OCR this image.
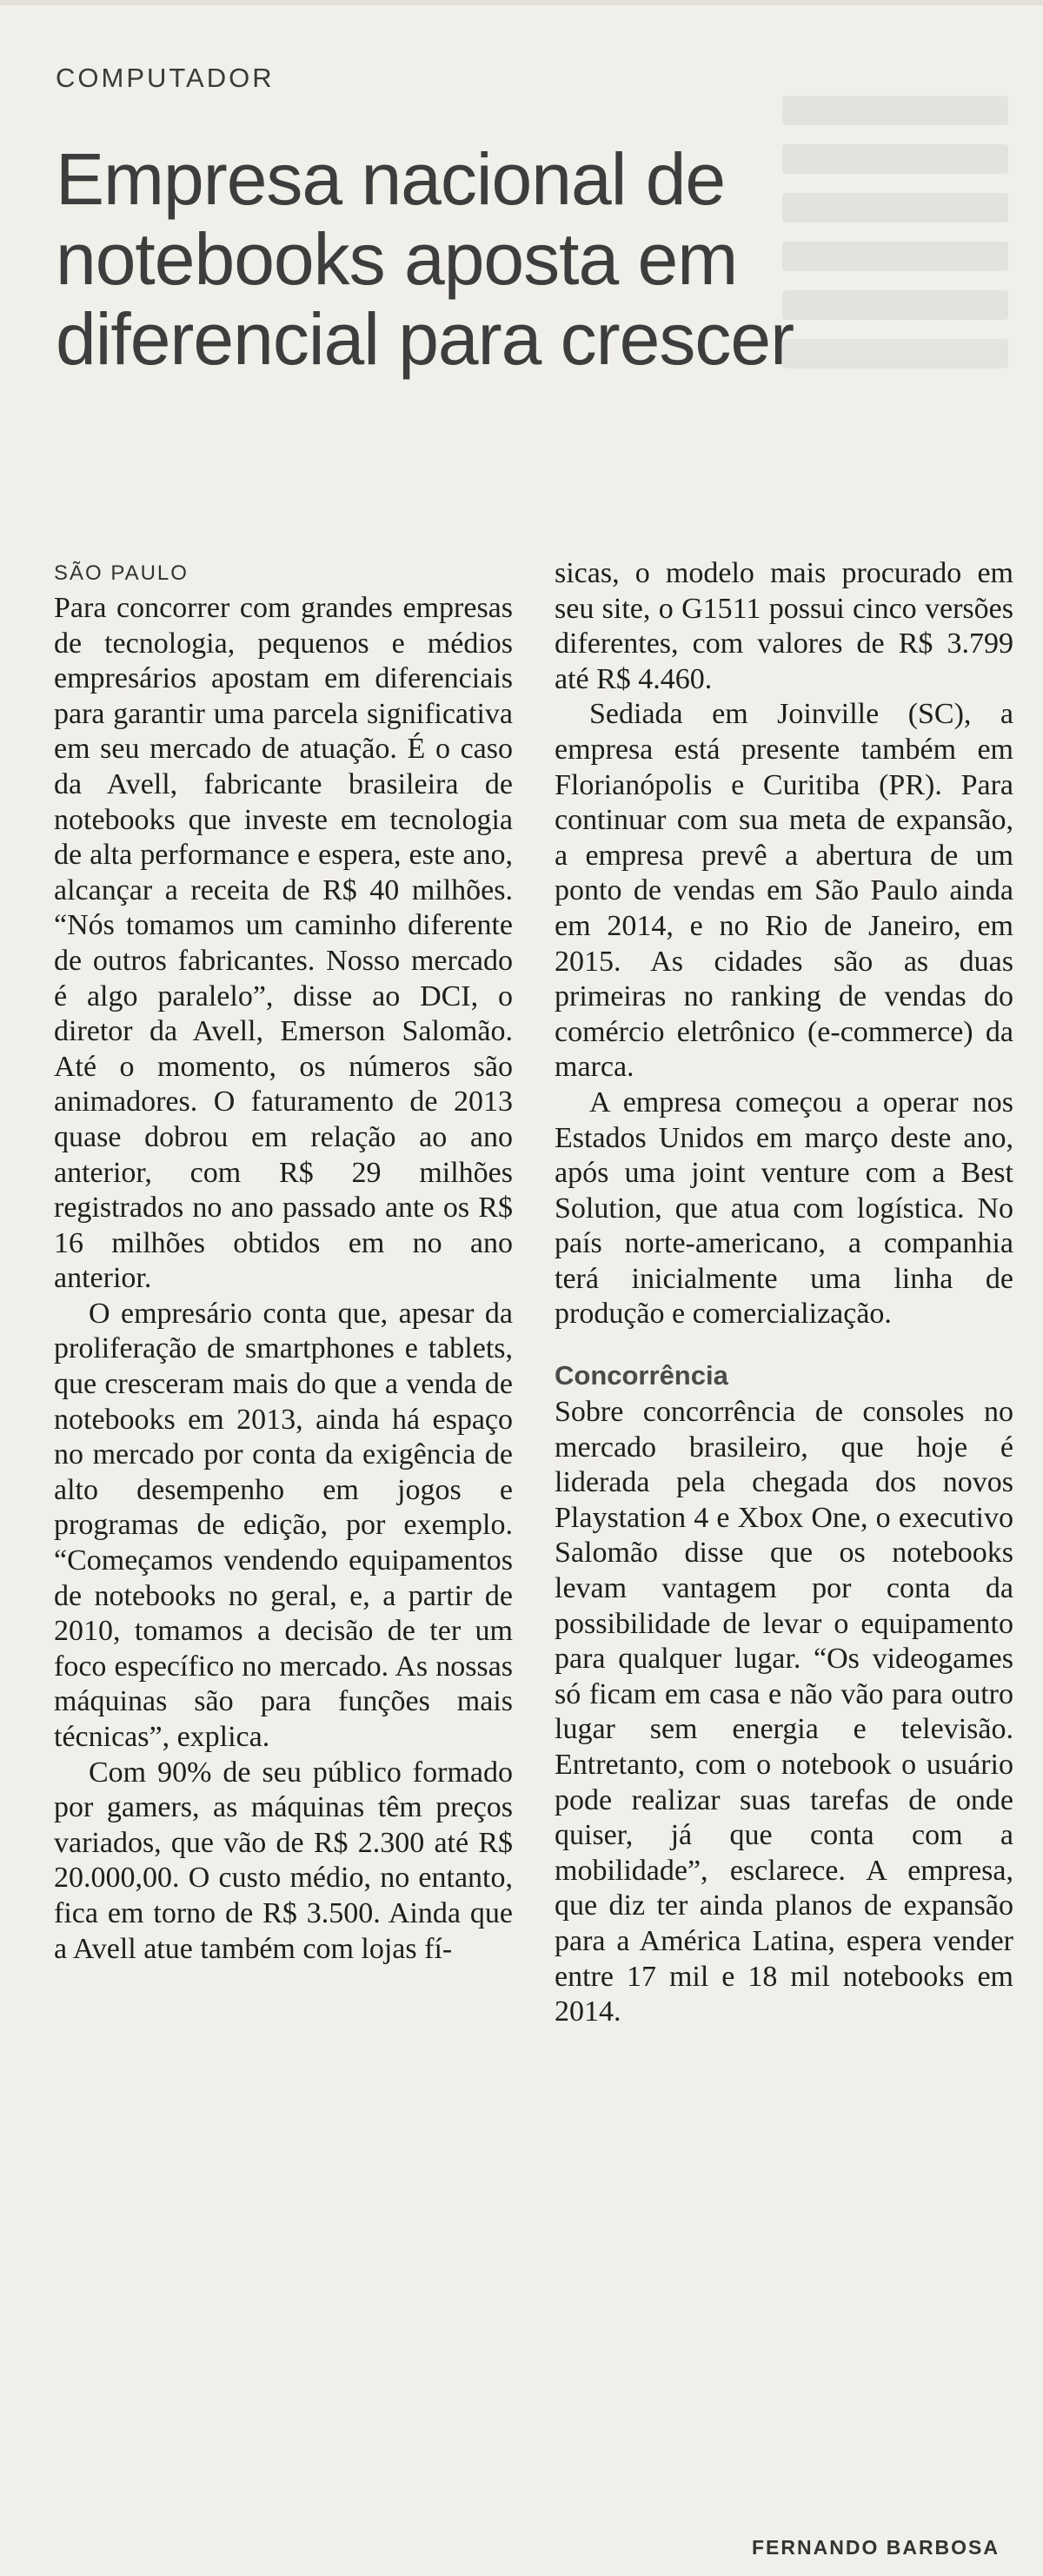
COMPUTADOR
Empresa nacional de notebooks aposta em diferencial para crescer
SÃO PAULO

Para concorrer com grandes empresas de tecnologia, pequenos e médios empresários apostam em diferenciais para garantir uma parcela significativa em seu mercado de atuação. É o caso da Avell, fabricante brasileira de notebooks que investe em tecnologia de alta performance e espera, este ano, alcançar a receita de R$ 40 milhões. “Nós tomamos um caminho diferente de outros fabricantes. Nosso mercado é algo paralelo”, disse ao DCI, o diretor da Avell, Emerson Salomão. Até o momento, os números são animadores. O faturamento de 2013 quase dobrou em relação ao ano anterior, com R$ 29 milhões registrados no ano passado ante os R$ 16 milhões obtidos em no ano anterior.

O empresário conta que, apesar da proliferação de smartphones e tablets, que cresceram mais do que a venda de notebooks em 2013, ainda há espaço no mercado por conta da exigência de alto desempenho em jogos e programas de edição, por exemplo. “Começamos vendendo equipamentos de notebooks no geral, e, a partir de 2010, tomamos a decisão de ter um foco específico no mercado. As nossas máquinas são para funções mais técnicas”, explica.

Com 90% de seu público formado por gamers, as máquinas têm preços variados, que vão de R$ 2.300 até R$ 20.000,00. O custo médio, no entanto, fica em torno de R$ 3.500. Ainda que a Avell atue também com lojas fí-

sicas, o modelo mais procurado em seu site, o G1511 possui cinco versões diferentes, com valores de R$ 3.799 até R$ 4.460.

Sediada em Joinville (SC), a empresa está presente também em Florianópolis e Curitiba (PR). Para continuar com sua meta de expansão, a empresa prevê a abertura de um ponto de vendas em São Paulo ainda em 2014, e no Rio de Janeiro, em 2015. As cidades são as duas primeiras no ranking de vendas do comércio eletrônico (e-commerce) da marca.

A empresa começou a operar nos Estados Unidos em março deste ano, após uma joint venture com a Best Solution, que atua com logística. No país norte-americano, a companhia terá inicialmente uma linha de produção e comercialização.

Concorrência

Sobre concorrência de consoles no mercado brasileiro, que hoje é liderada pela chegada dos novos Playstation 4 e Xbox One, o executivo Salomão disse que os notebooks levam vantagem por conta da possibilidade de levar o equipamento para qualquer lugar. “Os videogames só ficam em casa e não vão para outro lugar sem energia e televisão. Entretanto, com o notebook o usuário pode realizar suas tarefas de onde quiser, já que conta com a mobilidade”, esclarece. A empresa, que diz ter ainda planos de expansão para a América Latina, espera vender entre 17 mil e 18 mil notebooks em 2014.

FERNANDO BARBOSA
